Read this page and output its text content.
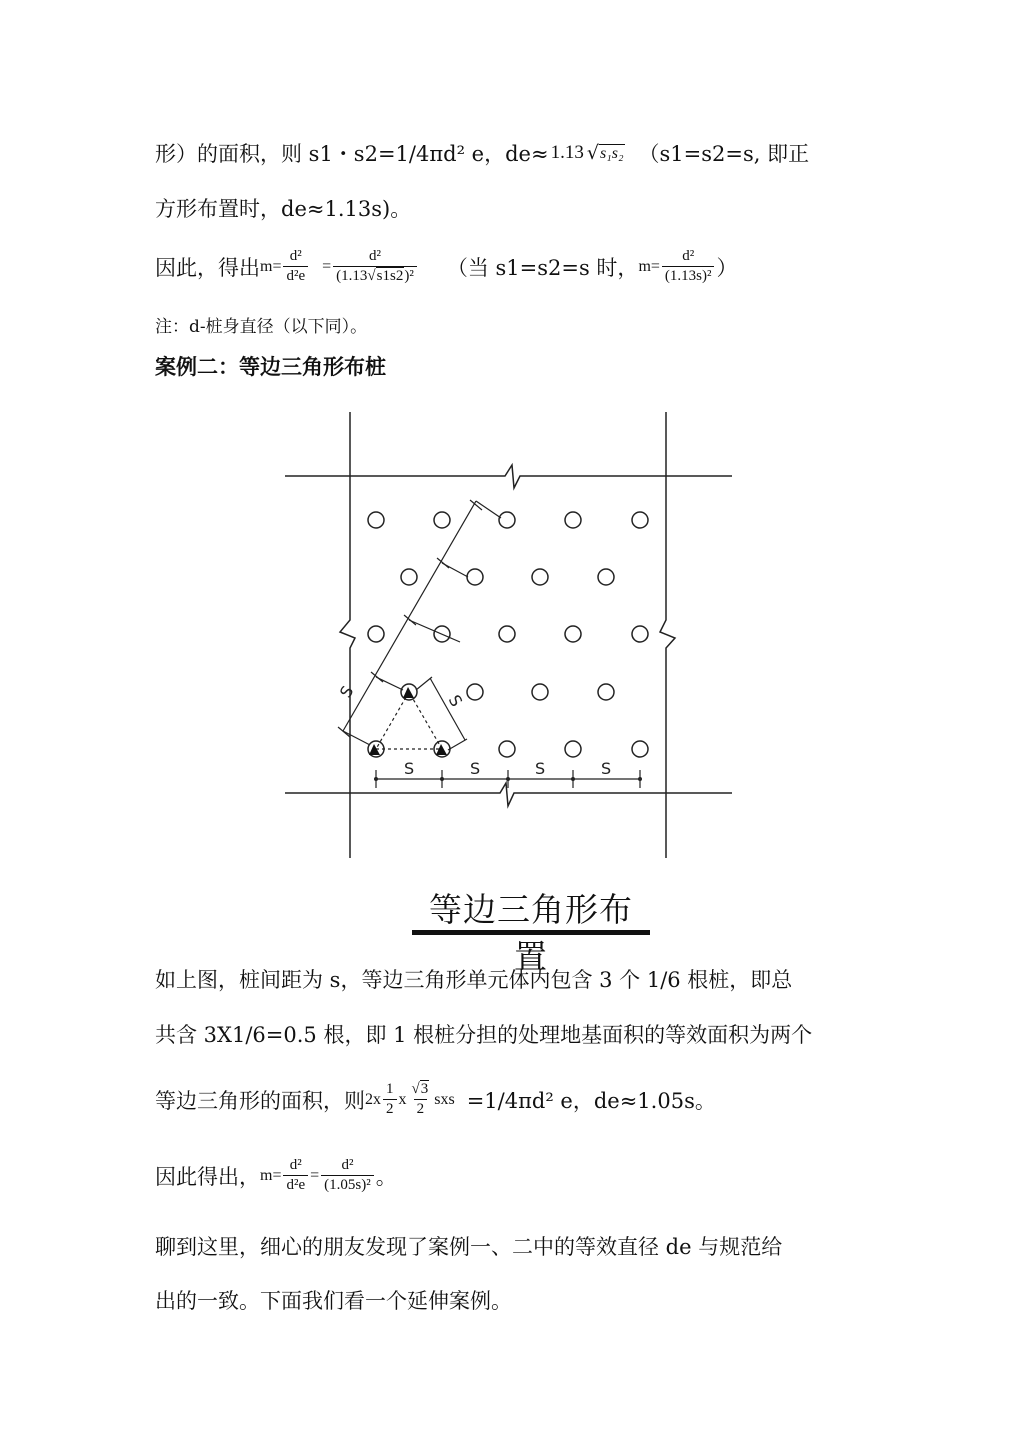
形）的面积，则 s1・s2=1/4πd² e，de≈ 1.13 √ s₁s₂ （s1=s2=s, 即正
方形布置时，de≈1.13s)。
因此，得出 $m= \frac{\text{d²}}{\text{d²e}} = \frac{\text{d²}}{\text{(1.13√s1s2)²}}$ （当 s1=s2=s 时， $m= \frac{\text{d²}}{\text{(1.13s)²}}$ ）
注：d-桩身直径（以下同）。
案例二：等边三角形布桩
S	S	S	S
S	S
等边三角形布置
如上图，桩间距为 s，等边三角形单元体内包含 3 个 1/6 根桩，即总
共含 3X1/6=0.5 根，即 1 根桩分担的处理地基面积的等效面积为两个
等边三角形的面积，则 $2x \frac{1}{2}$ x $\frac{√3}{2}$ sxs =1/4πd² e，de≈1.05s。
因此得出， $m= \frac{\text{d²}}{\text{d²e}} = \frac{\text{d²}}{\text{(1.05s)²}}$ 。
聊到这里，细心的朋友发现了案例一、二中的等效直径 de 与规范给
出的一致。下面我们看一个延伸案例。
